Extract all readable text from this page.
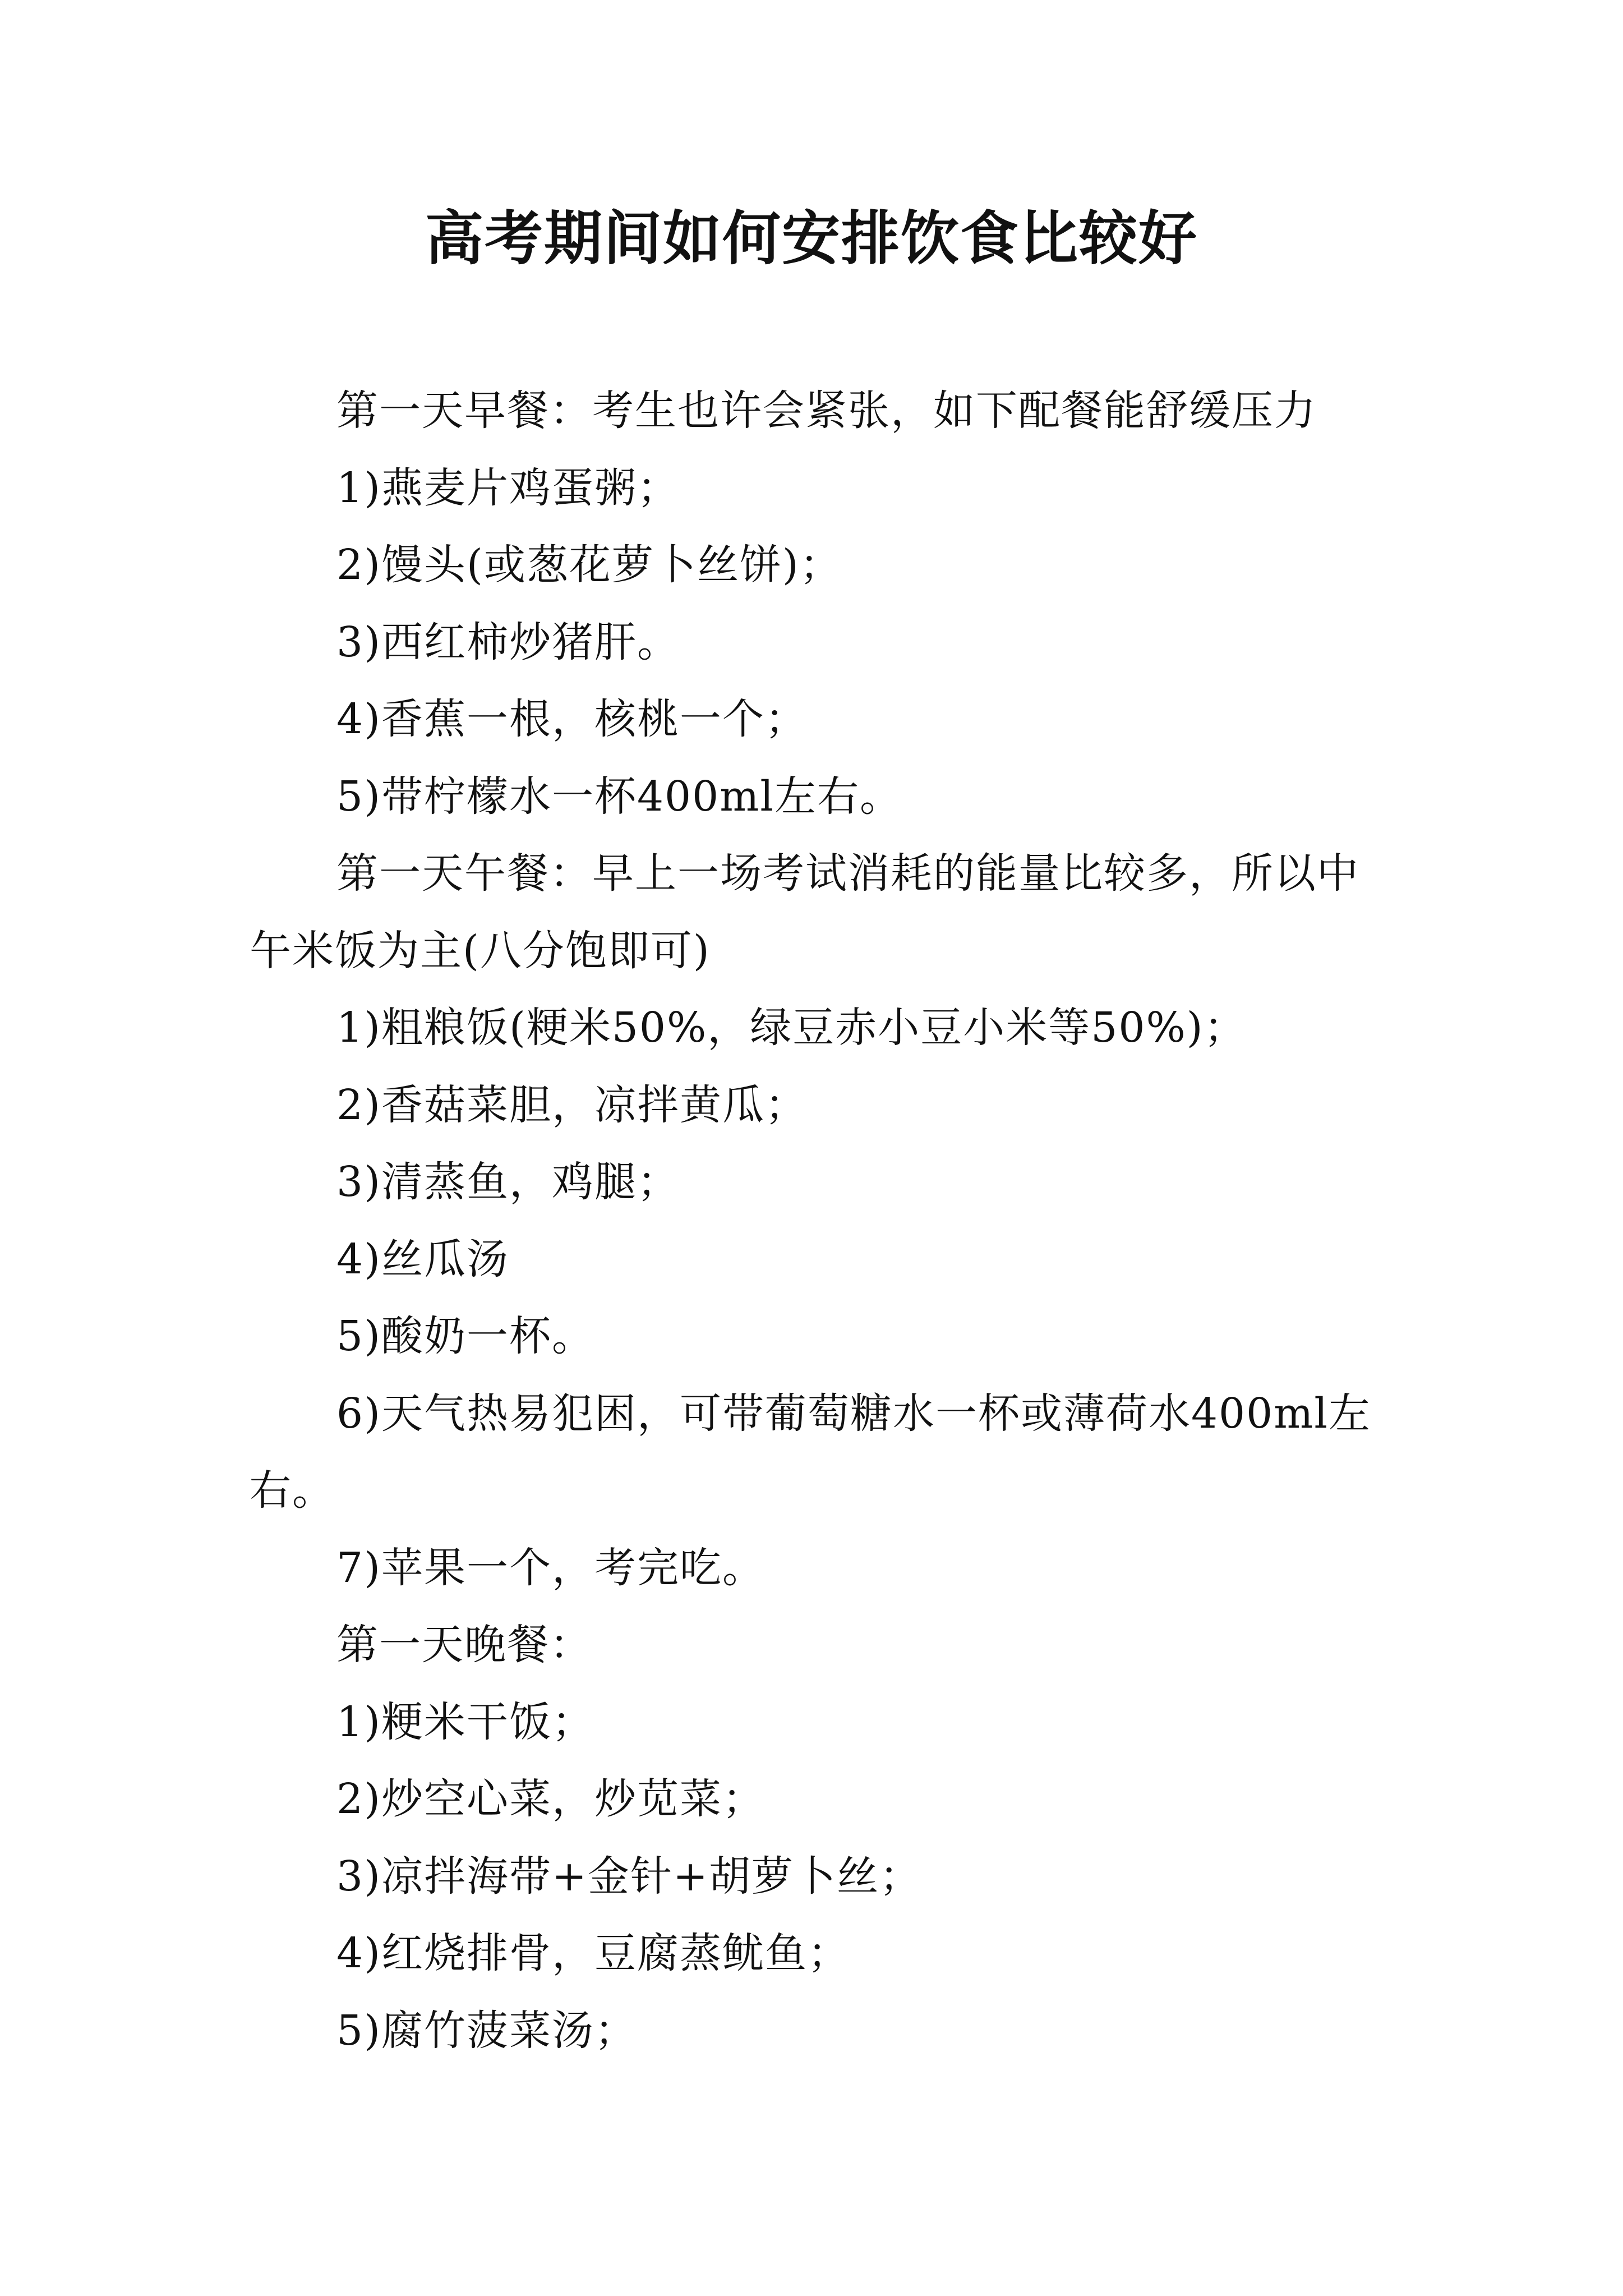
高考期间如何安排饮食比较好

第一天早餐：考生也许会紧张，如下配餐能舒缓压力

1)燕麦片鸡蛋粥；

2)馒头(或葱花萝卜丝饼)；

3)西红柿炒猪肝。

4)香蕉一根，核桃一个；

5)带柠檬水一杯400ml左右。

第一天午餐：早上一场考试消耗的能量比较多，所以中午米饭为主(八分饱即可)

1)粗粮饭(粳米50%，绿豆赤小豆小米等50%)；

2)香菇菜胆，凉拌黄瓜；

3)清蒸鱼，鸡腿；

4)丝瓜汤

5)酸奶一杯。

6)天气热易犯困，可带葡萄糖水一杯或薄荷水400ml左右。

7)苹果一个，考完吃。

第一天晚餐：

1)粳米干饭；

2)炒空心菜，炒苋菜；

3)凉拌海带+金针+胡萝卜丝；

4)红烧排骨，豆腐蒸鱿鱼；

5)腐竹菠菜汤；
